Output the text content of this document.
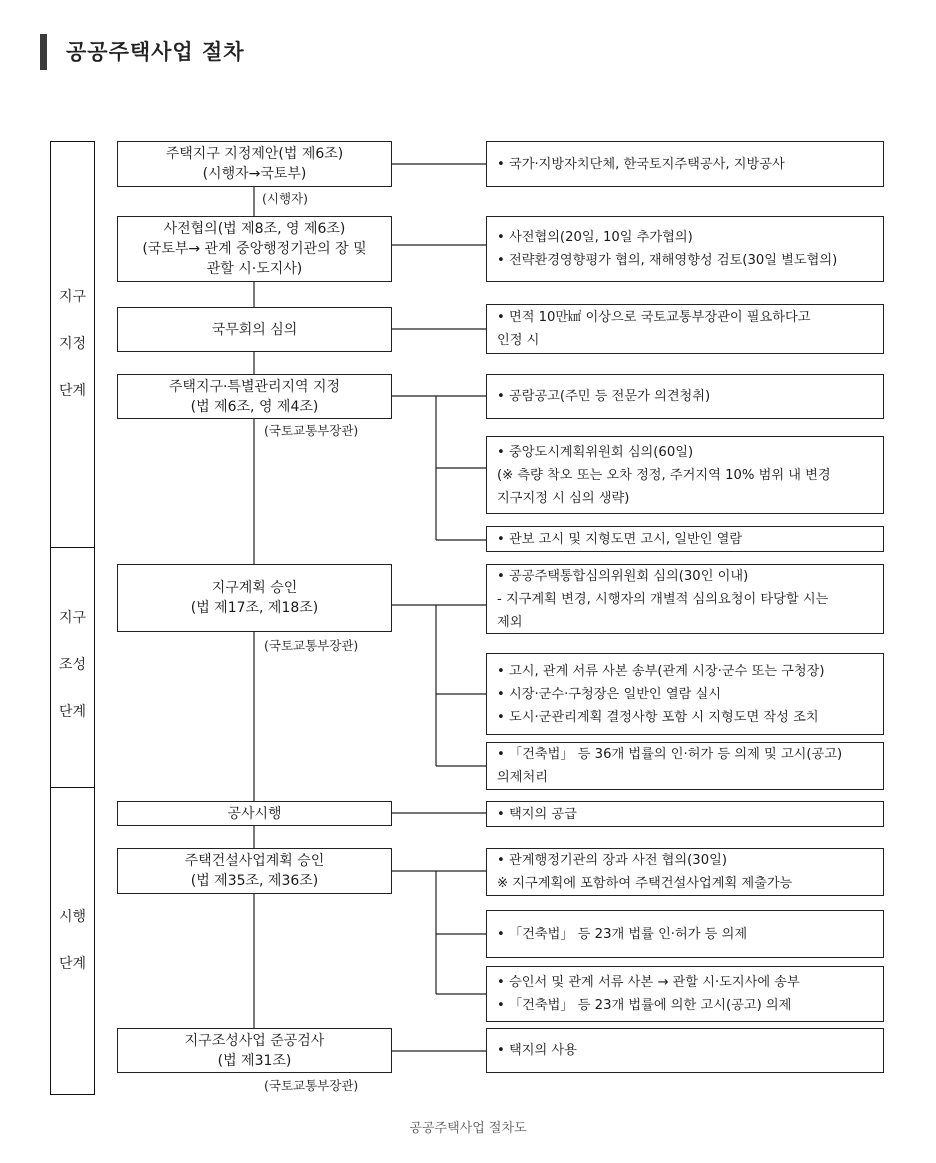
공공주택사업 절차
지구
지정
단계
지구
조성
단계
시행
단계
주택지구 지정제안(법 제6조)
(시행자→국토부)
(시행자)
사전협의(법 제8조, 영 제6조)
(국토부→ 관계 중앙행정기관의 장 및
관할 시·도지사)
국무회의 심의
주택지구·특별관리지역 지정
(법 제6조, 영 제4조)
(국토교통부장관)
지구계획 승인
(법 제17조, 제18조)
(국토교통부장관)
공사시행
주택건설사업계획 승인
(법 제35조, 제36조)
지구조성사업 준공검사
(법 제31조)
(국토교통부장관)
• 국가·지방자치단체, 한국토지주택공사, 지방공사
• 사전협의(20일, 10일 추가협의)
• 전략환경영향평가 협의, 재해영향성 검토(30일 별도협의)
• 면적 10만㎢ 이상으로 국토교통부장관이 필요하다고
인정 시
• 공람공고(주민 등 전문가 의견청취)
• 중앙도시계획위원회 심의(60일)
(※ 측량 착오 또는 오차 정정, 주거지역 10% 범위 내 변경
지구지정 시 심의 생략)
• 관보 고시 및 지형도면 고시, 일반인 열람
• 공공주택통합심의위원회 심의(30인 이내)
- 지구계획 변경, 시행자의 개별적 심의요청이 타당할 시는
제외
• 고시, 관계 서류 사본 송부(관계 시장·군수 또는 구청장)
• 시장·군수·구청장은 일반인 열람 실시
• 도시·군관리계획 결정사항 포함 시 지형도면 작성 조치
• 「건축법」 등 36개 법률의 인·허가 등 의제 및 고시(공고)
의제처리
• 택지의 공급
• 관계행정기관의 장과 사전 협의(30일)
※ 지구계획에 포함하여 주택건설사업계획 제출가능
• 「건축법」 등 23개 법률 인·허가 등 의제
• 승인서 및 관계 서류 사본 → 관할 시·도지사에 송부
• 「건축법」 등 23개 법률에 의한 고시(공고) 의제
• 택지의 사용
공공주택사업 절차도
